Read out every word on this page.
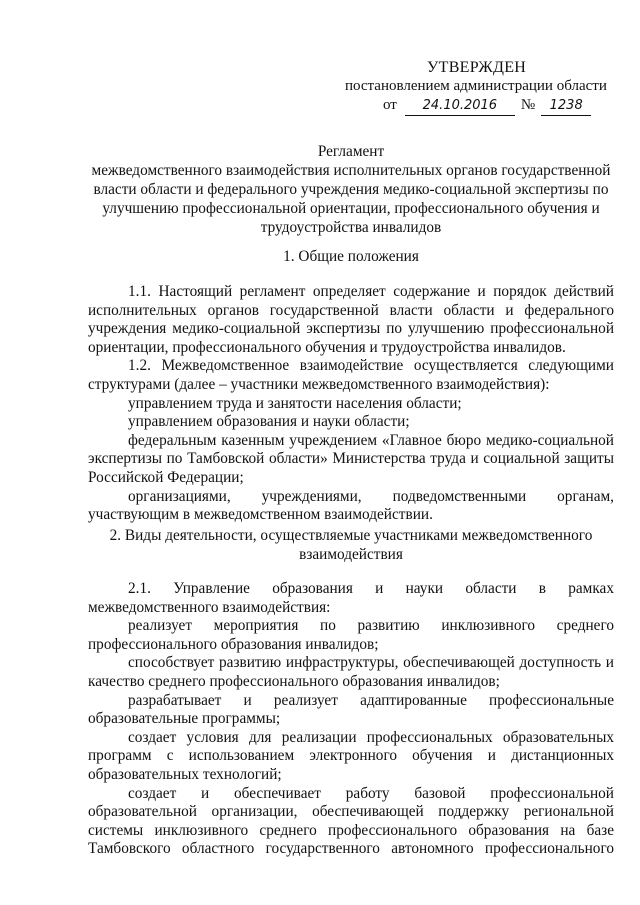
УТВЕРЖДЕН
постановлением администрации области
от 24.10.2016 № 1238
Регламент
межведомственного взаимодействия исполнительных органов государственной
власти области и федерального учреждения медико-социальной экспертизы по
улучшению профессиональной ориентации, профессионального обучения и
трудоустройства инвалидов
1. Общие положения

1.1. Настоящий регламент определяет содержание и порядок действий исполнительных органов государственной власти области и федерального учреждения медико-социальной экспертизы по улучшению профессиональной ориентации, профессионального обучения и трудоустройства инвалидов.

1.2. Межведомственное взаимодействие осуществляется следующими структурами (далее – участники межведомственного взаимодействия):

управлением труда и занятости населения области;

управлением образования и науки области;

федеральным казенным учреждением «Главное бюро медико-социальной экспертизы по Тамбовской области» Министерства труда и социальной защиты Российской Федерации;

организациями, учреждениями, подведомственными органам, участвующим в межведомственном взаимодействии.

2. Виды деятельности, осуществляемые участниками межведомственного
взаимодействия

2.1. Управление образования и науки области в рамках межведомственного взаимодействия:

реализует мероприятия по развитию инклюзивного среднего профессионального образования инвалидов;

способствует развитию инфраструктуры, обеспечивающей доступность и качество среднего профессионального образования инвалидов;

разрабатывает и реализует адаптированные профессиональные образовательные программы;

создает условия для реализации профессиональных образовательных программ с использованием электронного обучения и дистанционных образовательных технологий;

создает и обеспечивает работу базовой профессиональной образовательной организации, обеспечивающей поддержку региональной системы инклюзивного среднего профессионального образования на базе Тамбовского областного государственного автономного профессионального
